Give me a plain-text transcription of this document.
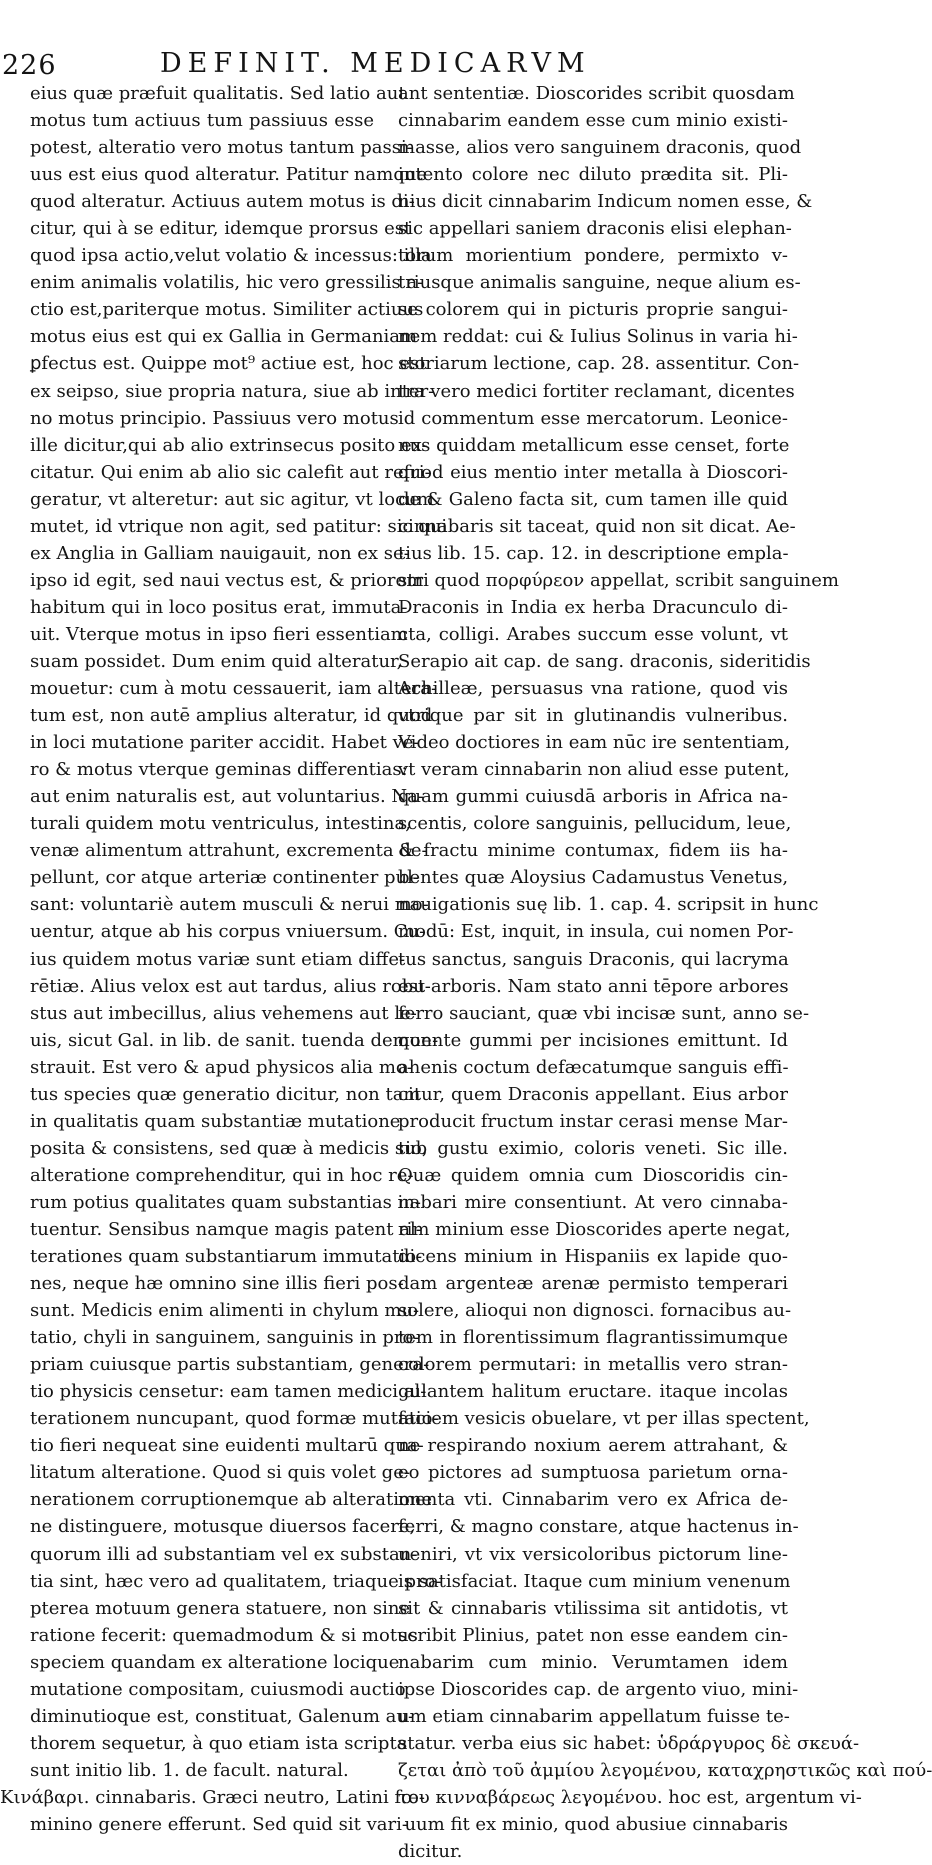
226	DEFINIT. MEDICARVM
eius quæ præfuit qualitatis. Sed latio aut
motus tum actiuus tum passiuus esse
potest, alteratio vero motus tantum passi-
uus est eius quod alteratur. Patitur namque
quod alteratur. Actiuus autem motus is di-
citur, qui à se editur, idemque prorsus est
quod ipsa actio,velut volatio & incessus: illa
enim animalis volatilis, hic vero gressilis a-
ctio est,pariterque motus. Similiter actiuus
motus eius est qui ex Gallia in Germaniam
ꝑfectus est. Quippe mot⁹ actiue est, hoc est
ex seipso, siue propria natura, siue ab inter-
no motus principio. Passiuus vero motus
ille dicitur,qui ab alio extrinsecus posito ex-
citatur. Qui enim ab alio sic calefit aut refri-
geratur, vt alteretur: aut sic agitur, vt locum
mutet, id vtrique non agit, sed patitur: sic qui
ex Anglia in Galliam nauigauit, non ex se-
ipso id egit, sed naui vectus est, & priorem
habitum qui in loco positus erat, immuta-
uit. Vterque motus in ipso fieri essentiam
suam possidet. Dum enim quid alteratur,
mouetur: cum à motu cessauerit, iam altera-
tum est, non autē amplius alteratur, id quod
in loci mutatione pariter accidit. Habet ve-
ro & motus vterque geminas differentias:
aut enim naturalis est, aut voluntarius. Na-
turali quidem motu ventriculus, intestina,
venæ alimentum attrahunt, excrementa de-
pellunt, cor atque arteriæ continenter pul-
sant: voluntariè autem musculi & nerui mo-
uentur, atque ab his corpus vniuersum. Cu-
ius quidem motus variæ sunt etiam diffe-
rētiæ. Alius velox est aut tardus, alius robu-
stus aut imbecillus, alius vehemens aut le-
uis, sicut Gal. in lib. de sanit. tuenda demon-
strauit. Est vero & apud physicos alia mo-
tus species quæ generatio dicitur, non tam
in qualitatis quam substantiæ mutatione
posita & consistens, sed quæ à medicis sub
alteratione comprehenditur, qui in hoc re-
rum potius qualitates quam substantias in-
tuentur. Sensibus namque magis patent al-
terationes quam substantiarum immutatio-
nes, neque hæ omnino sine illis fieri pos-
sunt. Medicis enim alimenti in chylum mu-
tatio, chyli in sanguinem, sanguinis in pro-
priam cuiusque partis substantiam, genera-
tio physicis censetur: eam tamen medici al-
terationem nuncupant, quod formæ mutatio-
tio fieri nequeat sine euidenti multarū qua-
litatum alteratione. Quod si quis volet ge-
nerationem corruptionemque ab alteratione
ne distinguere, motusque diuersos facere,
quorum illi ad substantiam vel ex substan-
tia sint, hæc vero ad qualitatem, triaque pro-
pterea motuum genera statuere, non sine
ratione fecerit: quemadmodum & si motus
speciem quandam ex alteratione locique
mutatione compositam, cuiusmodi auctio
diminutioque est, constituat, Galenum au-
thorem sequetur, à quo etiam ista scripta
sunt initio lib. 1. de facult. natural.
Κινάβαρι. cinnabaris. Græci neutro, Latini fœ-
minino genere efferunt. Sed quid sit vari-
ant sententiæ. Dioscorides scribit quosdam
cinnabarim eandem esse cum minio existi-
masse, alios vero sanguinem draconis, quod
intento colore nec diluto prædita sit. Pli-
nius dicit cinnabarim Indicum nomen esse, &
sic appellari saniem draconis elisi elephan-
torum morientium pondere, permixto v-
triusque animalis sanguine, neque alium es-
se colorem qui in picturis proprie sangui-
nem reddat: cui & Iulius Solinus in varia hi-
storiarum lectione, cap. 28. assentitur. Con-
tra vero medici fortiter reclamant, dicentes
id commentum esse mercatorum. Leonice-
nus quiddam metallicum esse censet, forte
quod eius mentio inter metalla à Dioscori-
de & Galeno facta sit, cum tamen ille quid
cinnabaris sit taceat, quid non sit dicat. Ae-
tius lib. 15. cap. 12. in descriptione empla-
stri quod πορφύρεον appellat, scribit sanguinem
Draconis in India ex herba Dracunculo di-
cta, colligi. Arabes succum esse volunt, vt
Serapio ait cap. de sang. draconis, sideritidis
Achilleæ, persuasus vna ratione, quod vis
vtrique par sit in glutinandis vulneribus.
Video doctiores in eam nūc ire sententiam,
vt veram cinnabarin non aliud esse putent,
quam gummi cuiusdā arboris in Africa na-
scentis, colore sanguinis, pellucidum, leue,
& fractu minime contumax, fidem iis ha-
bentes quæ Aloysius Cadamustus Venetus,
nauigationis suę lib. 1. cap. 4. scripsit in hunc
modū: Est, inquit, in insula, cui nomen Por-
tus sanctus, sanguis Draconis, qui lacryma
est arboris. Nam stato anni tēpore arbores
ferro sauciant, quæ vbi incisæ sunt, anno se-
quente gummi per incisiones emittunt. Id
ahenis coctum defæcatumque sanguis effi-
citur, quem Draconis appellant. Eius arbor
producit fructum instar cerasi mense Mar-
tio, gustu eximio, coloris veneti. Sic ille.
Quæ quidem omnia cum Dioscoridis cin-
nabari mire consentiunt. At vero cinnaba-
rim minium esse Dioscorides aperte negat,
dicens minium in Hispaniis ex lapide quo-
dam argenteæ arenæ permisto temperari
solere, alioqui non dignosci. fornacibus au-
tem in florentissimum flagrantissimumque
colorem permutari: in metallis vero stran-
gulantem halitum eructare. itaque incolas
faciem vesicis obuelare, vt per illas spectent,
ne respirando noxium aerem attrahant, &
eo pictores ad sumptuosa parietum orna-
menta vti. Cinnabarim vero ex Africa de-
ferri, & magno constare, atque hactenus in-
ueniri, vt vix versicoloribus pictorum line-
is satisfaciat. Itaque cum minium venenum
sit & cinnabaris vtilissima sit antidotis, vt
scribit Plinius, patet non esse eandem cin-
nabarim cum minio. Verumtamen idem
ipse Dioscorides cap. de argento viuo, mini-
um etiam cinnabarim appellatum fuisse te-
statur. verba eius sic habet: ὑδράργυρος δὲ σκευά-
ζεται ἀπὸ τοῦ ἀμμίου λεγομένου, καταχρηστικῶς καὶ πού-
του κινναβάρεως λεγομένου. hoc est, argentum vi-
uum fit ex minio, quod abusiue cinnabaris
dicitur.
